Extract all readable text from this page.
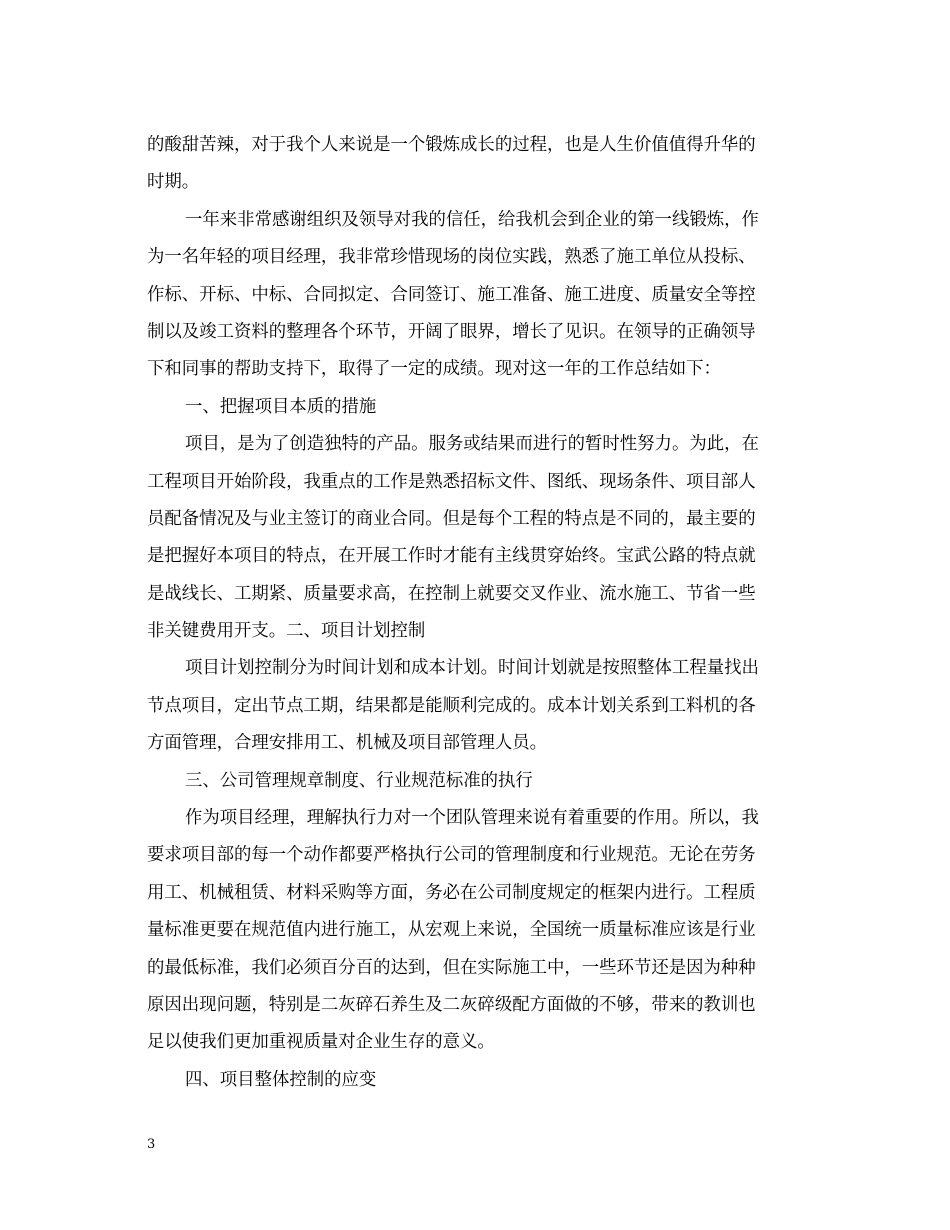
的酸甜苦辣，对于我个人来说是一个锻炼成长的过程，也是人生价值值得升华的
时期。
一年来非常感谢组织及领导对我的信任，给我机会到企业的第一线锻炼，作
为一名年轻的项目经理，我非常珍惜现场的岗位实践，熟悉了施工单位从投标、
作标、开标、中标、合同拟定、合同签订、施工准备、施工进度、质量安全等控
制以及竣工资料的整理各个环节，开阔了眼界，增长了见识。在领导的正确领导
下和同事的帮助支持下，取得了一定的成绩。现对这一年的工作总结如下：
一、把握项目本质的措施
项目，是为了创造独特的产品。服务或结果而进行的暂时性努力。为此，在
工程项目开始阶段，我重点的工作是熟悉招标文件、图纸、现场条件、项目部人
员配备情况及与业主签订的商业合同。但是每个工程的特点是不同的，最主要的
是把握好本项目的特点，在开展工作时才能有主线贯穿始终。宝武公路的特点就
是战线长、工期紧、质量要求高，在控制上就要交叉作业、流水施工、节省一些
非关键费用开支。二、项目计划控制
项目计划控制分为时间计划和成本计划。时间计划就是按照整体工程量找出
节点项目，定出节点工期，结果都是能顺利完成的。成本计划关系到工料机的各
方面管理，合理安排用工、机械及项目部管理人员。
三、公司管理规章制度、行业规范标准的执行
作为项目经理，理解执行力对一个团队管理来说有着重要的作用。所以，我
要求项目部的每一个动作都要严格执行公司的管理制度和行业规范。无论在劳务
用工、机械租赁、材料采购等方面，务必在公司制度规定的框架内进行。工程质
量标准更要在规范值内进行施工，从宏观上来说，全国统一质量标准应该是行业
的最低标准，我们必须百分百的达到，但在实际施工中，一些环节还是因为种种
原因出现问题，特别是二灰碎石养生及二灰碎级配方面做的不够，带来的教训也
足以使我们更加重视质量对企业生存的意义。
四、项目整体控制的应变
3
